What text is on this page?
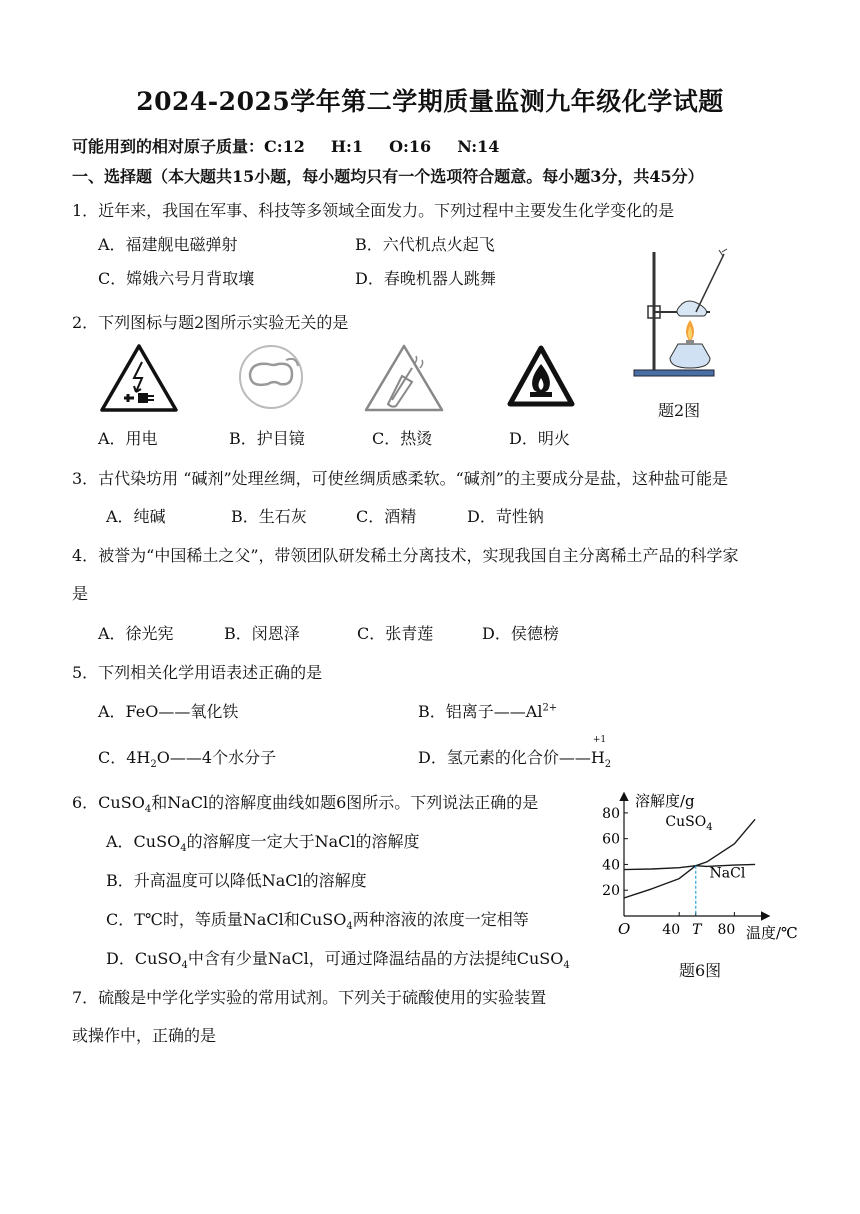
2024-2025学年第二学期质量监测九年级化学试题
可能用到的相对原子质量：C:12 H:1 O:16 N:14
一、选择题（本大题共15小题，每小题均只有一个选项符合题意。每小题3分，共45分）
1．近年来，我国在军事、科技等多领域全面发力。下列过程中主要发生化学变化的是
A．福建舰电磁弹射	B．六代机点火起飞
C．嫦娥六号月背取壤	D．春晚机器人跳舞
题2图
2．下列图标与题2图所示实验无关的是
A．用电	B．护目镜	C．热烫	D．明火
3．古代染坊用 “碱剂”处理丝绸，可使丝绸质感柔软。“碱剂”的主要成分是盐，这种盐可能是
A．纯碱	B．生石灰	C．酒精	D．苛性钠
4．被誉为“中国稀土之父”，带领团队研发稀土分离技术，实现我国自主分离稀土产品的科学家
是
A．徐光宪	B．闵恩泽	C．张青莲	D．侯德榜
5．下列相关化学用语表述正确的是
A．FeO——氧化铁	B．铝离子$——Al^{2+}$
C．$4H_2O——4$个水分子	D．氢元素的化合价——
+1
$H_2$
6．CuSO$_4$和NaCl的溶解度曲线如题6图所示。下列说法正确的是
A．CuSO$_4$的溶解度一定大于NaCl的溶解度
B．升高温度可以降低NaCl的溶解度
C．T℃时，等质量NaCl和CuSO$_4$两种溶液的浓度一定相等
D．CuSO$_4$中含有少量NaCl，可通过降温结晶的方法提纯CuSO$_4$
溶解度/g
温度/℃
O
20
40
60
80
40 T 80
CuSO$_4$
NaCl
题6图
7．硫酸是中学化学实验的常用试剂。下列关于硫酸使用的实验装置
或操作中，正确的是
